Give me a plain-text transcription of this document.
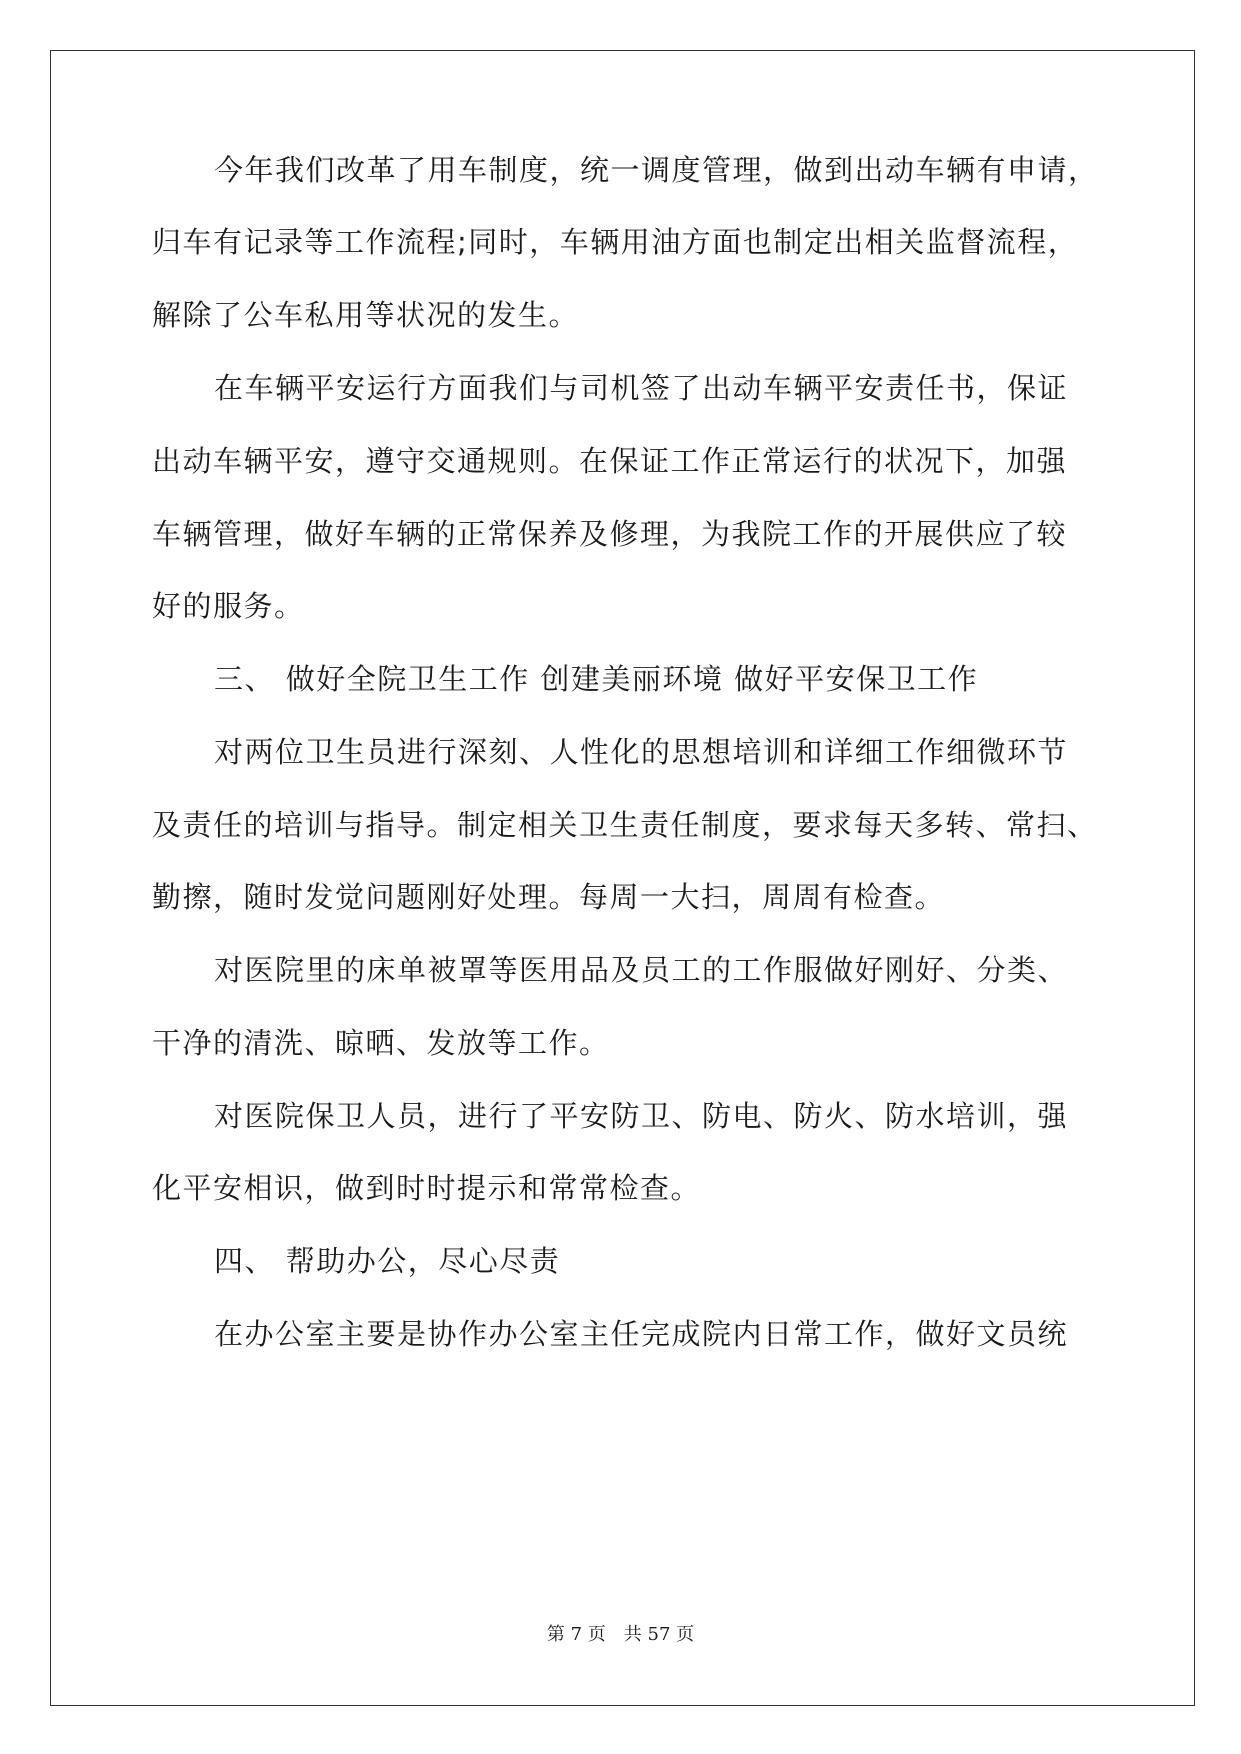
今年我们改革了用车制度，统一调度管理，做到出动车辆有申请，
归车有记录等工作流程;同时，车辆用油方面也制定出相关监督流程，
解除了公车私用等状况的发生。
在车辆平安运行方面我们与司机签了出动车辆平安责任书，保证
出动车辆平安，遵守交通规则。在保证工作正常运行的状况下，加强
车辆管理，做好车辆的正常保养及修理，为我院工作的开展供应了较
好的服务。
三、 做好全院卫生工作 创建美丽环境 做好平安保卫工作
对两位卫生员进行深刻、人性化的思想培训和详细工作细微环节
及责任的培训与指导。制定相关卫生责任制度，要求每天多转、常扫、
勤擦，随时发觉问题刚好处理。每周一大扫，周周有检查。
对医院里的床单被罩等医用品及员工的工作服做好刚好、分类、
干净的清洗、晾晒、发放等工作。
对医院保卫人员，进行了平安防卫、防电、防火、防水培训，强
化平安相识，做到时时提示和常常检查。
四、 帮助办公，尽心尽责
在办公室主要是协作办公室主任完成院内日常工作，做好文员统
第 7 页　共 57 页
